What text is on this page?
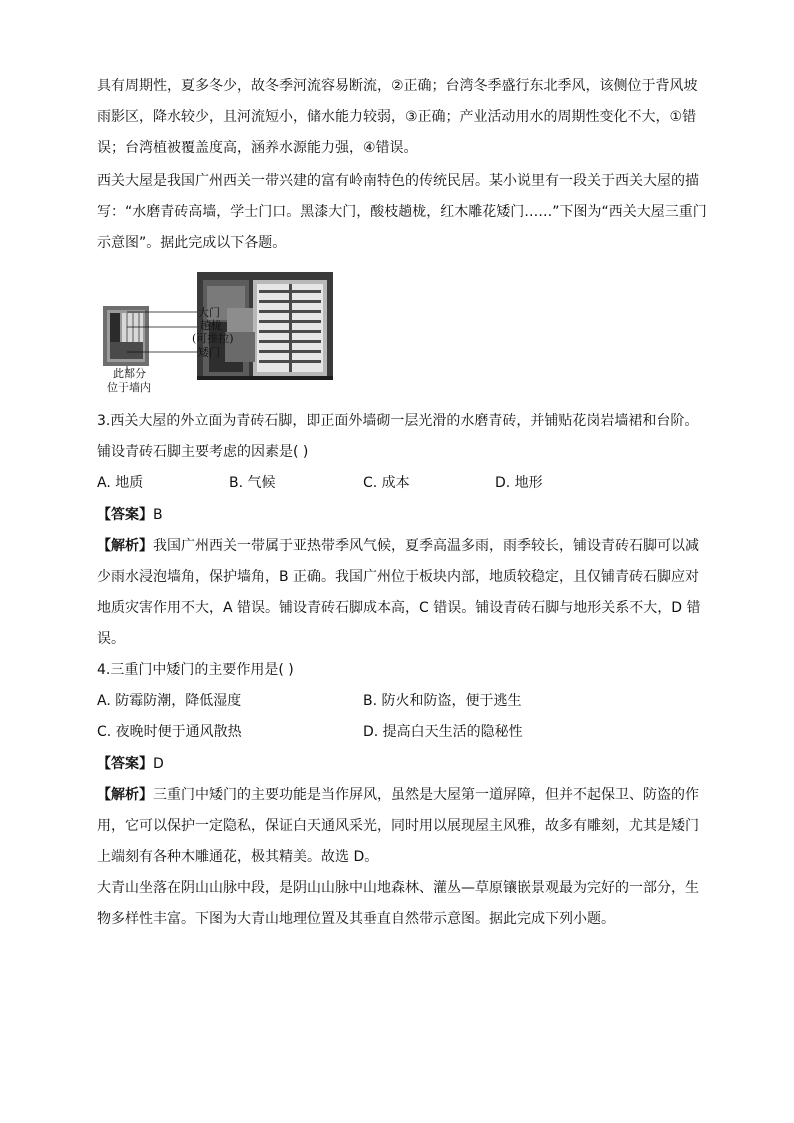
具有周期性，夏多冬少，故冬季河流容易断流，②正确；台湾冬季盛行东北季风，该侧位于背风坡
雨影区，降水较少，且河流短小，储水能力较弱，③正确；产业活动用水的周期性变化不大，①错
误；台湾植被覆盖度高，涵养水源能力强，④错误。
西关大屋是我国广州西关一带兴建的富有岭南特色的传统民居。某小说里有一段关于西关大屋的描
写：“水磨青砖高墙，学士门口。黑漆大门，酸枝趟栊，红木雕花矮门……”下图为“西关大屋三重门
示意图”。据此完成以下各题。
大门
趟栊
(可推拉)
矮门
此部分
位于墙内
3.西关大屋的外立面为青砖石脚，即正面外墙砌一层光滑的水磨青砖，并铺贴花岗岩墙裙和台阶。
铺设青砖石脚主要考虑的因素是( )
A. 地质	B. 气候	C. 成本	D. 地形
【答案】B
【解析】我国广州西关一带属于亚热带季风气候，夏季高温多雨，雨季较长，铺设青砖石脚可以减
少雨水浸泡墙角，保护墙角，B 正确。我国广州位于板块内部，地质较稳定，且仅铺青砖石脚应对
地质灾害作用不大，A 错误。铺设青砖石脚成本高，C 错误。铺设青砖石脚与地形关系不大，D 错
误。
4.三重门中矮门的主要作用是( )
A. 防霉防潮，降低湿度	B. 防火和防盗，便于逃生
C. 夜晚时便于通风散热	D. 提高白天生活的隐秘性
【答案】D
【解析】三重门中矮门的主要功能是当作屏风，虽然是大屋第一道屏障，但并不起保卫、防盗的作
用，它可以保护一定隐私，保证白天通风采光，同时用以展现屋主风雅，故多有雕刻，尤其是矮门
上端刻有各种木雕通花，极其精美。故选 D。
大青山坐落在阴山山脉中段，是阴山山脉中山地森林、灌丛—草原镶嵌景观最为完好的一部分，生
物多样性丰富。下图为大青山地理位置及其垂直自然带示意图。据此完成下列小题。
